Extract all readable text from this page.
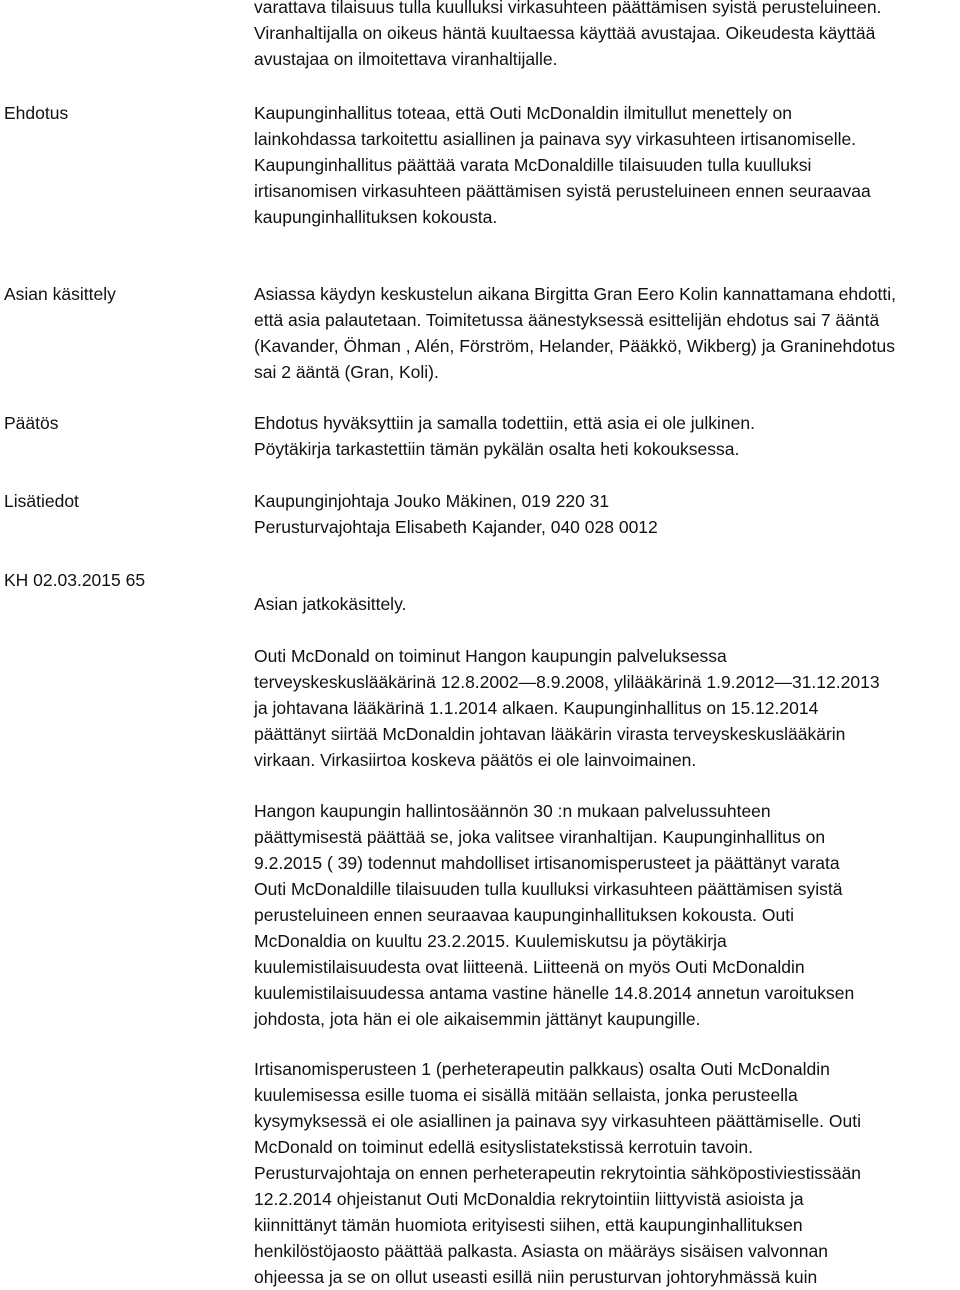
varattava tilaisuus tulla kuulluksi virkasuhteen päättämisen syistä perusteluineen.
Viranhaltijalla on oikeus häntä kuultaessa käyttää avustajaa. Oikeudesta käyttää
avustajaa on ilmoitettava viranhaltijalle.
Ehdotus	Kaupunginhallitus toteaa, että Outi McDonaldin ilmitullut menettely on
lainkohdassa tarkoitettu asiallinen ja painava syy virkasuhteen irtisanomiselle.
Kaupunginhallitus päättää varata McDonaldille tilaisuuden tulla kuulluksi
irtisanomisen virkasuhteen päättämisen syistä perusteluineen ennen seuraavaa
kaupunginhallituksen kokousta.
Asian käsittely	Asiassa käydyn keskustelun aikana Birgitta Gran Eero Kolin kannattamana ehdotti,
että asia palautetaan. Toimitetussa äänestyksessä esittelijän ehdotus sai 7 ääntä
(Kavander, Öhman , Alén, Förström, Helander, Pääkkö, Wikberg) ja Graninehdotus
sai 2 ääntä (Gran, Koli).
Päätös	Ehdotus hyväksyttiin ja samalla todettiin, että asia ei ole julkinen.
Pöytäkirja tarkastettiin tämän pykälän osalta heti kokouksessa.
Lisätiedot	Kaupunginjohtaja Jouko Mäkinen, 019 220 31
Perusturvajohtaja Elisabeth Kajander, 040 028 0012
KH 02.03.2015 65
Asian jatkokäsittely.
Outi McDonald on toiminut Hangon kaupungin palveluksessa
terveyskeskuslääkärinä 12.8.2002—8.9.2008, ylilääkärinä 1.9.2012—31.12.2013
ja johtavana lääkärinä 1.1.2014 alkaen. Kaupunginhallitus on 15.12.2014
päättänyt siirtää McDonaldin johtavan lääkärin virasta terveyskeskuslääkärin
virkaan. Virkasiirtoa koskeva päätös ei ole lainvoimainen.
Hangon kaupungin hallintosäännön 30 :n mukaan palvelussuhteen
päättymisestä päättää se, joka valitsee viranhaltijan. Kaupunginhallitus on
9.2.2015 ( 39) todennut mahdolliset irtisanomisperusteet ja päättänyt varata
Outi McDonaldille tilaisuuden tulla kuulluksi virkasuhteen päättämisen syistä
perusteluineen ennen seuraavaa kaupunginhallituksen kokousta. Outi
McDonaldia on kuultu 23.2.2015. Kuulemiskutsu ja pöytäkirja
kuulemistilaisuudesta ovat liitteenä. Liitteenä on myös Outi McDonaldin
kuulemistilaisuudessa antama vastine hänelle 14.8.2014 annetun varoituksen
johdosta, jota hän ei ole aikaisemmin jättänyt kaupungille.
Irtisanomisperusteen 1 (perheterapeutin palkkaus) osalta Outi McDonaldin
kuulemisessa esille tuoma ei sisällä mitään sellaista, jonka perusteella
kysymyksessä ei ole asiallinen ja painava syy virkasuhteen päättämiselle. Outi
McDonald on toiminut edellä esityslistatekstissä kerrotuin tavoin.
Perusturvajohtaja on ennen perheterapeutin rekrytointia sähköpostiviestissään
12.2.2014 ohjeistanut Outi McDonaldia rekrytointiin liittyvistä asioista ja
kiinnittänyt tämän huomiota erityisesti siihen, että kaupunginhallituksen
henkilöstöjaosto päättää palkasta. Asiasta on määräys sisäisen valvonnan
ohjeessa ja se on ollut useasti esillä niin perusturvan johtoryhmässä kuin
